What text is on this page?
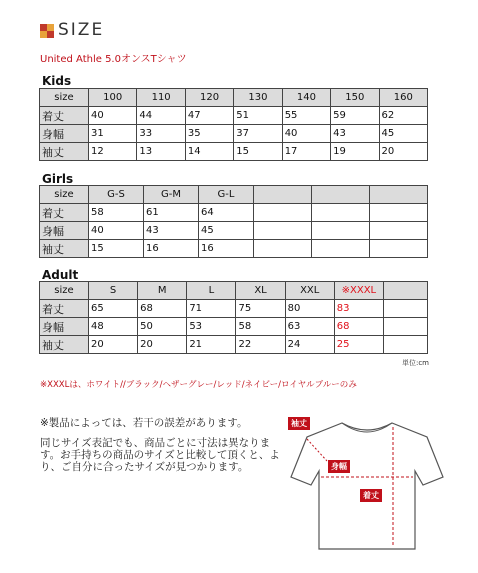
SIZE
United Athle 5.0オンスTシャツ
Kids
size	100	110	120	130	140	150	160
着丈	40	44	47	51	55	59	62
身幅	31	33	35	37	40	43	45
袖丈	12	13	14	15	17	19	20
Girls
size	G-S	G-M	G-L			
着丈	58	61	64			
身幅	40	43	45			
袖丈	15	16	16			
Adult
size	S	M	L	XL	XXL	※XXXL	
着丈	65	68	71	75	80	83	
身幅	48	50	53	58	63	68	
袖丈	20	20	21	22	24	25	
単位:cm
※XXXLは、ホワイト//ブラック/ヘザーグレー/レッド/ネイビー/ロイヤルブルーのみ
※製品によっては、若干の誤差があります。
同じサイズ表記でも、商品ごとに寸法は異なります。お手持ちの商品のサイズと比較して頂くと、より、ご自分に合ったサイズが見つかります。
袖丈
身幅
着丈
